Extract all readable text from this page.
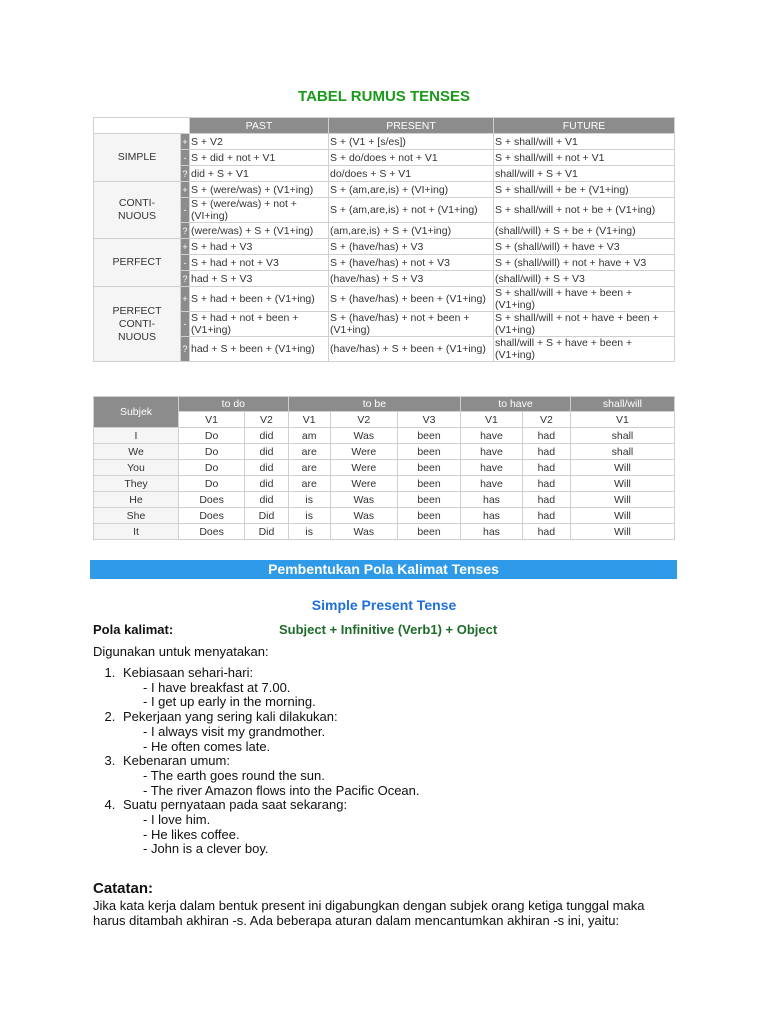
TABEL RUMUS TENSES
		PAST	PRESENT	FUTURE
SIMPLE	+	S + V2	S + (V1 + [s/es])	S + shall/will + V1
	-	S + did + not + V1	S + do/does + not + V1	S + shall/will + not + V1
	?	did + S + V1	do/does + S + V1	shall/will + S + V1
CONTI-
NUOUS	+	S + (were/was) + (V1+ing)	S + (am,are,is) + (VI+ing)	S + shall/will + be + (V1+ing)
	-	S + (were/was) + not + (VI+ing)	S + (am,are,is) + not + (V1+ing)	S + shall/will + not + be + (V1+ing)
	?	(were/was) + S + (V1+ing)	(am,are,is) + S + (V1+ing)	(shall/will) + S + be + (V1+ing)
PERFECT	+	S + had + V3	S + (have/has) + V3	S + (shall/will) + have + V3
	-	S + had + not + V3	S + (have/has) + not + V3	S + (shall/will) + not + have + V3
	?	had + S + V3	(have/has) + S + V3	(shall/will) + S + V3
PERFECT
CONTI-
NUOUS	+	S + had + been + (V1+ing)	S + (have/has) + been + (V1+ing)	S + shall/will + have + been + (V1+ing)
	-	S + had + not + been + (V1+ing)	S + (have/has) + not + been + (V1+ing)	S + shall/will + not + have + been + (V1+ing)
	?	had + S + been + (V1+ing)	(have/has) + S + been + (V1+ing)	shall/will + S + have + been + (V1+ing)
Subjek	to do		to be			to have		shall/will
	V1	V2	V1	V2	V3	V1	V2	V1
I	Do	did	am	Was	been	have	had	shall
We	Do	did	are	Were	been	have	had	shall
You	Do	did	are	Were	been	have	had	Will
They	Do	did	are	Were	been	have	had	Will
He	Does	did	is	Was	been	has	had	Will
She	Does	Did	is	Was	been	has	had	Will
It	Does	Did	is	Was	been	has	had	Will
Pembentukan Pola Kalimat Tenses
Simple Present Tense
Pola kalimat:	Subject + Infinitive (Verb1) + Object
Digunakan untuk menyatakan:
1. Kebiasaan sehari-hari:
- I have breakfast at 7.00.
- I get up early in the morning.
2. Pekerjaan yang sering kali dilakukan:
- I always visit my grandmother.
- He often comes late.
3. Kebenaran umum:
- The earth goes round the sun.
- The river Amazon flows into the Pacific Ocean.
4. Suatu pernyataan pada saat sekarang:
- I love him.
- He likes coffee.
- John is a clever boy.
Catatan:
Jika kata kerja dalam bentuk present ini digabungkan dengan subjek orang ketiga tunggal maka harus ditambah akhiran -s. Ada beberapa aturan dalam mencantumkan akhiran -s ini, yaitu:
